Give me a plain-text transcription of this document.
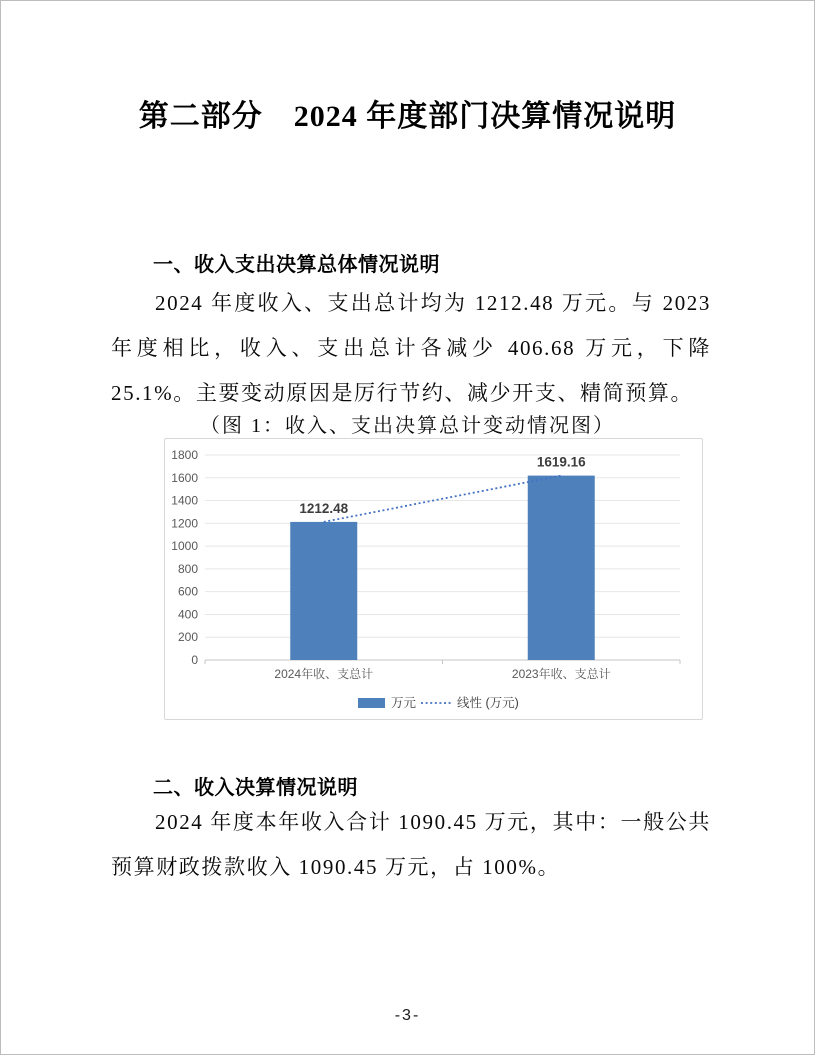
第二部分　2024 年度部门决算情况说明
一、收入支出决算总体情况说明
2024 年度收入、支出总计均为 1212.48 万元。与 2023 年度相比，收入、支出总计各减少 406.68 万元，下降 25.1%。主要变动原因是厉行节约、减少开支、精简预算。
（图 1：收入、支出决算总计变动情况图）
0
200
400
600
800
1000
1200
1400
1600
1800
1212.48
2024年收、支总计
1619.16
2023年收、支总计
万元	线性 (万元)
二、收入决算情况说明
2024 年度本年收入合计 1090.45 万元，其中：一般公共预算财政拨款收入 1090.45 万元，占 100%。
-3-
